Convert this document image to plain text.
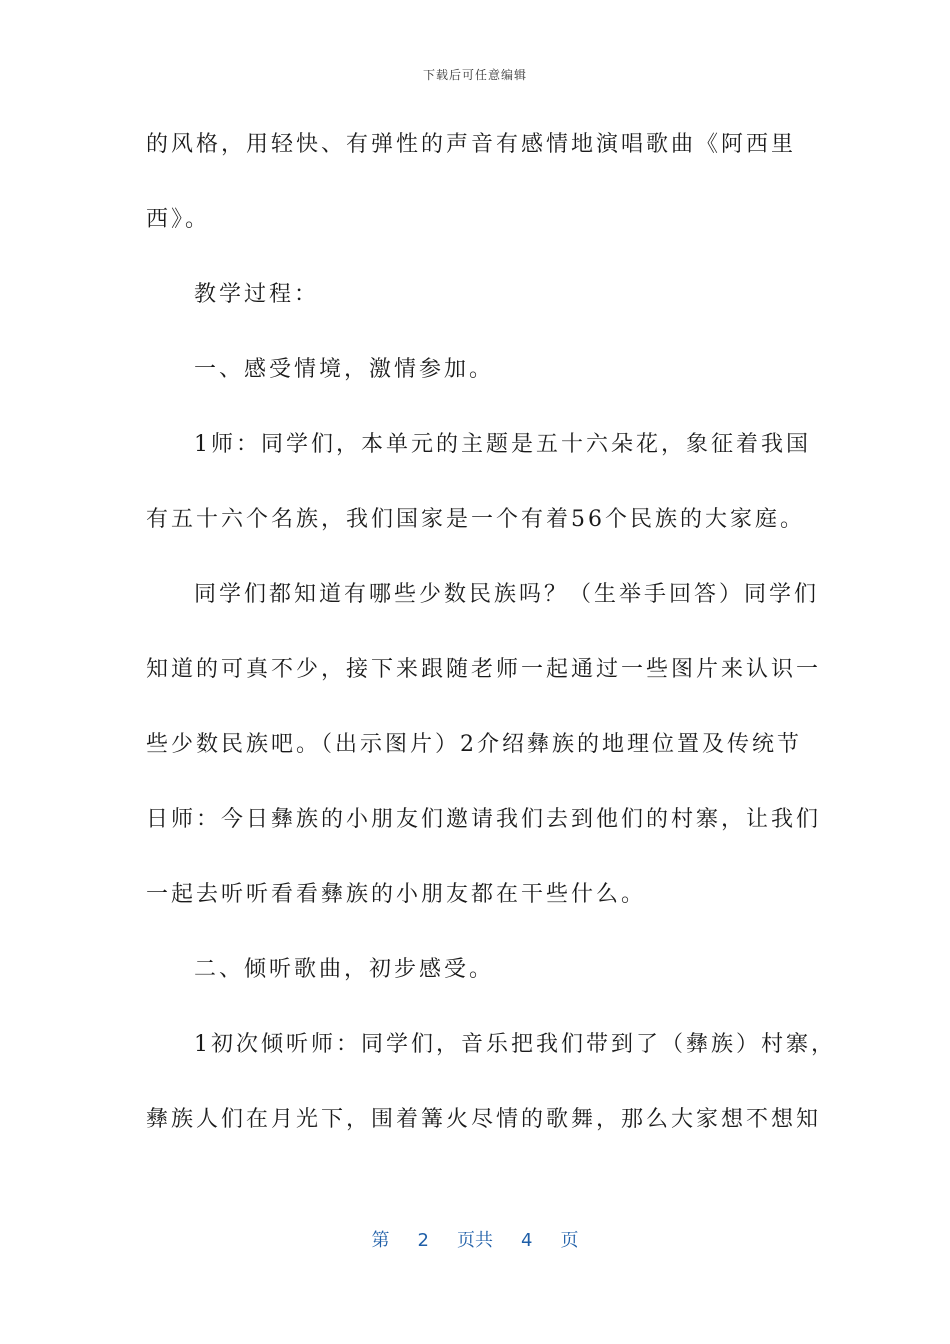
下载后可任意编辑
的风格，用轻快、有弹性的声音有感情地演唱歌曲《阿西里
西》。
教学过程：
一、感受情境，激情参加。
1师：同学们，本单元的主题是五十六朵花，象征着我国
有五十六个名族，我们国家是一个有着56个民族的大家庭。
同学们都知道有哪些少数民族吗？（生举手回答）同学们
知道的可真不少，接下来跟随老师一起通过一些图片来认识一
些少数民族吧。（出示图片）2介绍彝族的地理位置及传统节
日师：今日彝族的小朋友们邀请我们去到他们的村寨，让我们
一起去听听看看彝族的小朋友都在干些什么。
二、倾听歌曲，初步感受。
1初次倾听师：同学们，音乐把我们带到了（彝族）村寨，
彝族人们在月光下，围着篝火尽情的歌舞，那么大家想不想知
第 2 页共 4 页
